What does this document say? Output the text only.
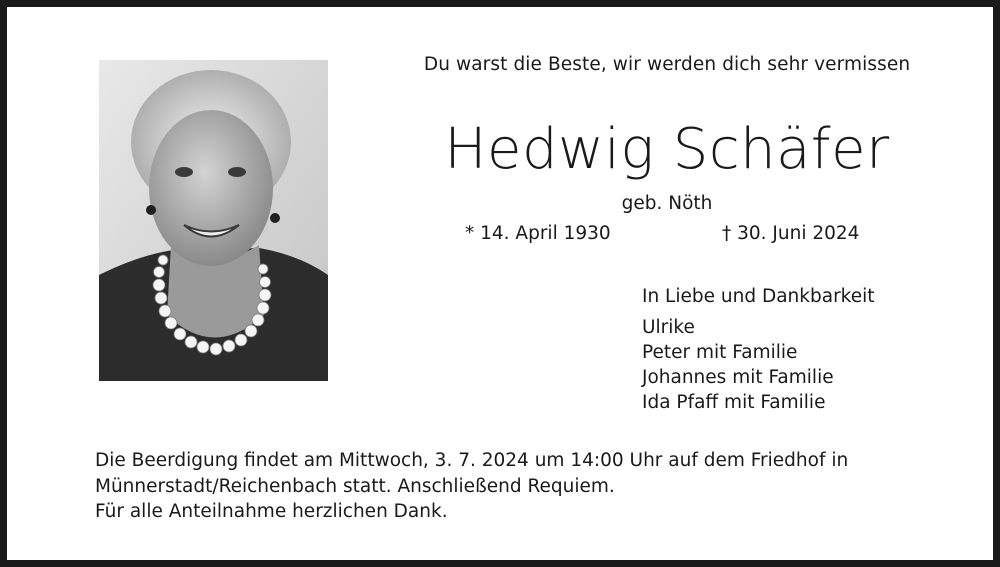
Du warst die Beste, wir werden dich sehr vermissen
Hedwig Schäfer
geb. Nöth
* 14. April 1930	† 30. Juni 2024
In Liebe und Dankbarkeit
Ulrike
Peter mit Familie
Johannes mit Familie
Ida Pfaff mit Familie
Die Beerdigung findet am Mittwoch, 3. 7. 2024 um 14:00 Uhr auf dem Friedhof in
Münnerstadt/Reichenbach statt. Anschließend Requiem.
Für alle Anteilnahme herzlichen Dank.
